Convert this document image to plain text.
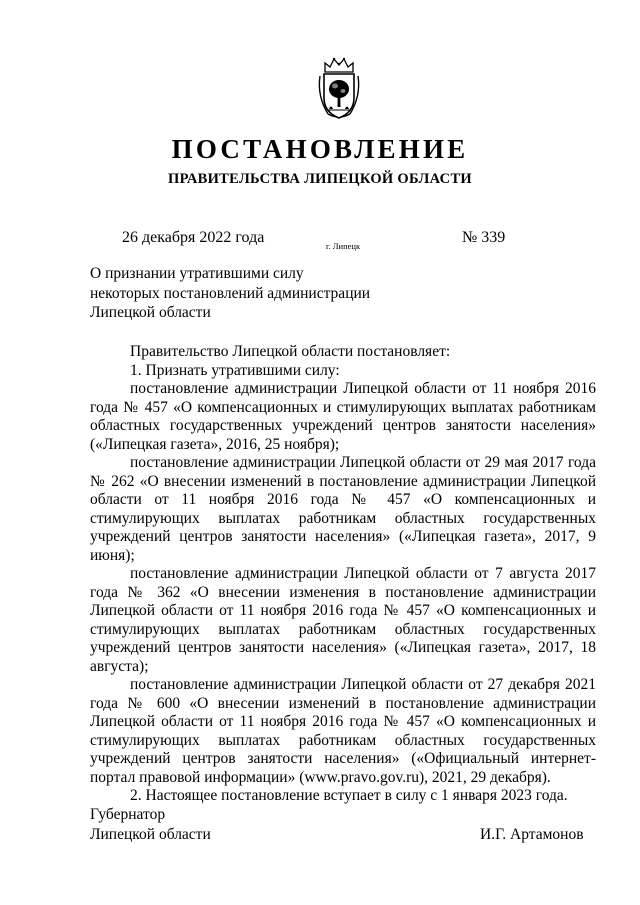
ПОСТАНОВЛЕНИЕ
ПРАВИТЕЛЬСТВА ЛИПЕЦКОЙ ОБЛАСТИ
26 декабря 2022 года	г. Липецк	№ 339
О признании утратившими силу
некоторых постановлений администрации
Липецкой области

Правительство Липецкой области постановляет:

1. Признать утратившими силу:

постановление администрации Липецкой области от 11 ноября 2016 года № 457 «О компенсационных и стимулирующих выплатах работникам областных государственных учреждений центров занятости населения» («Липецкая газета», 2016, 25 ноября);

постановление администрации Липецкой области от 29 мая 2017 года № 262 «О внесении изменений в постановление администрации Липецкой области от 11 ноября 2016 года № 457 «О компенсационных и стимулирующих выплатах работникам областных государственных учреждений центров занятости населения» («Липецкая газета», 2017, 9 июня);

постановление администрации Липецкой области от 7 августа 2017 года № 362 «О внесении изменения в постановление администрации Липецкой области от 11 ноября 2016 года № 457 «О компенсационных и стимулирующих выплатах работникам областных государственных учреждений центров занятости населения» («Липецкая газета», 2017, 18 августа);

постановление администрации Липецкой области от 27 декабря 2021 года № 600 «О внесении изменений в постановление администрации Липецкой области от 11 ноября 2016 года № 457 «О компенсационных и стимулирующих выплатах работникам областных государственных учреждений центров занятости населения» («Официальный интернет-портал правовой информации» (www.pravo.gov.ru), 2021, 29 декабря).

2. Настоящее постановление вступает в силу с 1 января 2023 года.

Губернатор
Липецкой области	И.Г. Артамонов
